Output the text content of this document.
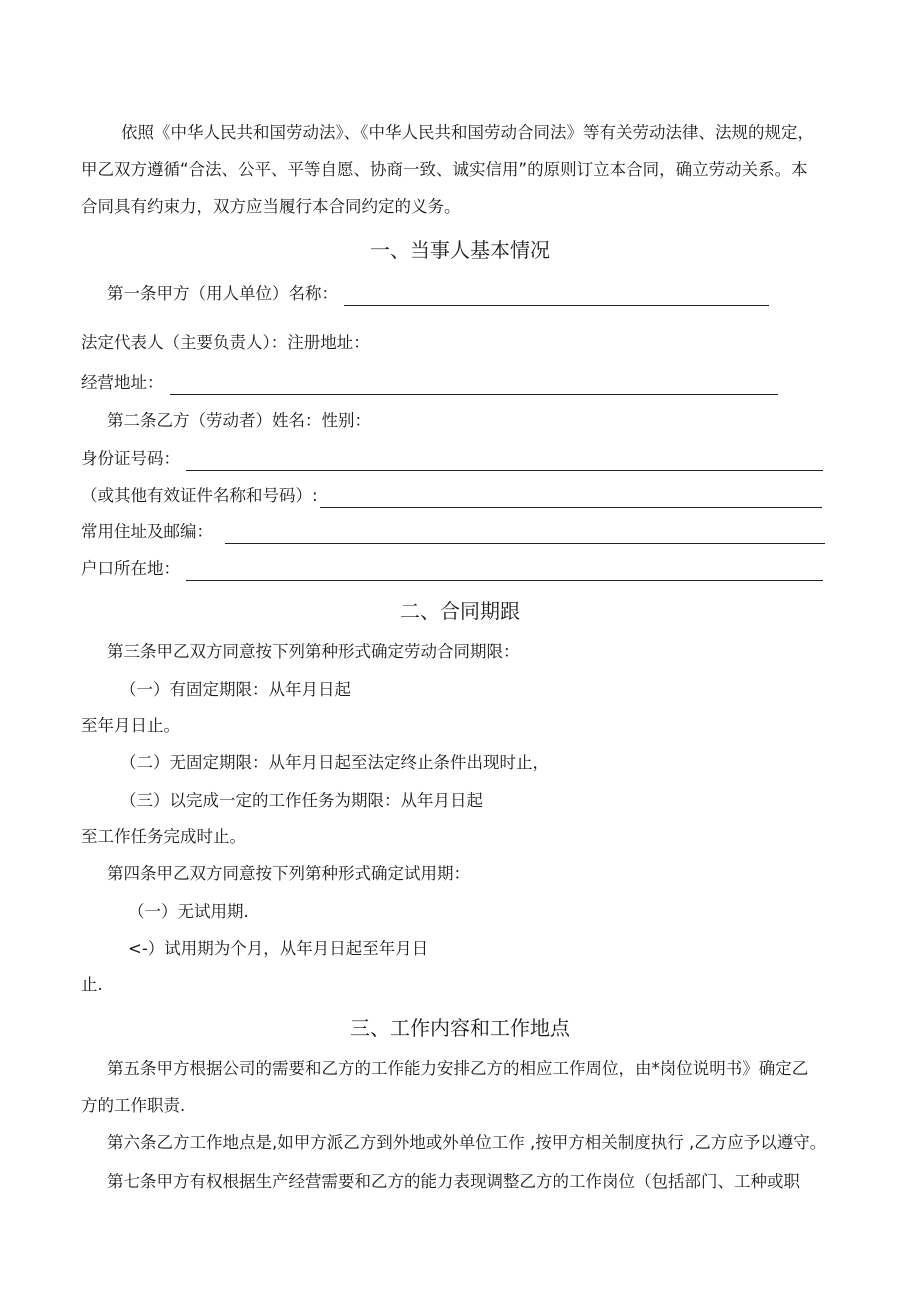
依照《中华人民共和国劳动法》、《中华人民共和国劳动合同法》等有关劳动法律、法规的规定，
甲乙双方遵循“合法、公平、平等自愿、协商一致、诚实信用”的原则订立本合同，确立劳动关系。本
合同具有约束力，双方应当履行本合同约定的义务。
一、当事人基本情况
第一条甲方（用人单位）名称：
法定代表人（主要负责人）：注册地址：
经营地址：
第二条乙方（劳动者）姓名：性别：
身份证号码：
（或其他有效证件名称和号码）:
常用住址及邮编：
户口所在地：
二、合同期跟
第三条甲乙双方同意按下列第种形式确定劳动合同期限：
（一）有固定期限：从年月日起
至年月日止。
（二）无固定期限：从年月日起至法定终止条件出现时止，
（三）以完成一定的工作任务为期限：从年月日起
至工作任务完成时止。
第四条甲乙双方同意按下列第种形式确定试用期：
（一）无试用期.
<-）试用期为个月，从年月日起至年月日
止.
三、工作内容和工作地点
第五条甲方根据公司的需要和乙方的工作能力安排乙方的相应工作周位，由*岗位说明书》确定乙
方的工作职责.
第六条乙方工作地点是,如甲方派乙方到外地或外单位工作 ,按甲方相关制度执行 ,乙方应予以遵守。
第七条甲方有权根据生产经营需要和乙方的能力表现调整乙方的工作岗位（包括部门、工种或职
